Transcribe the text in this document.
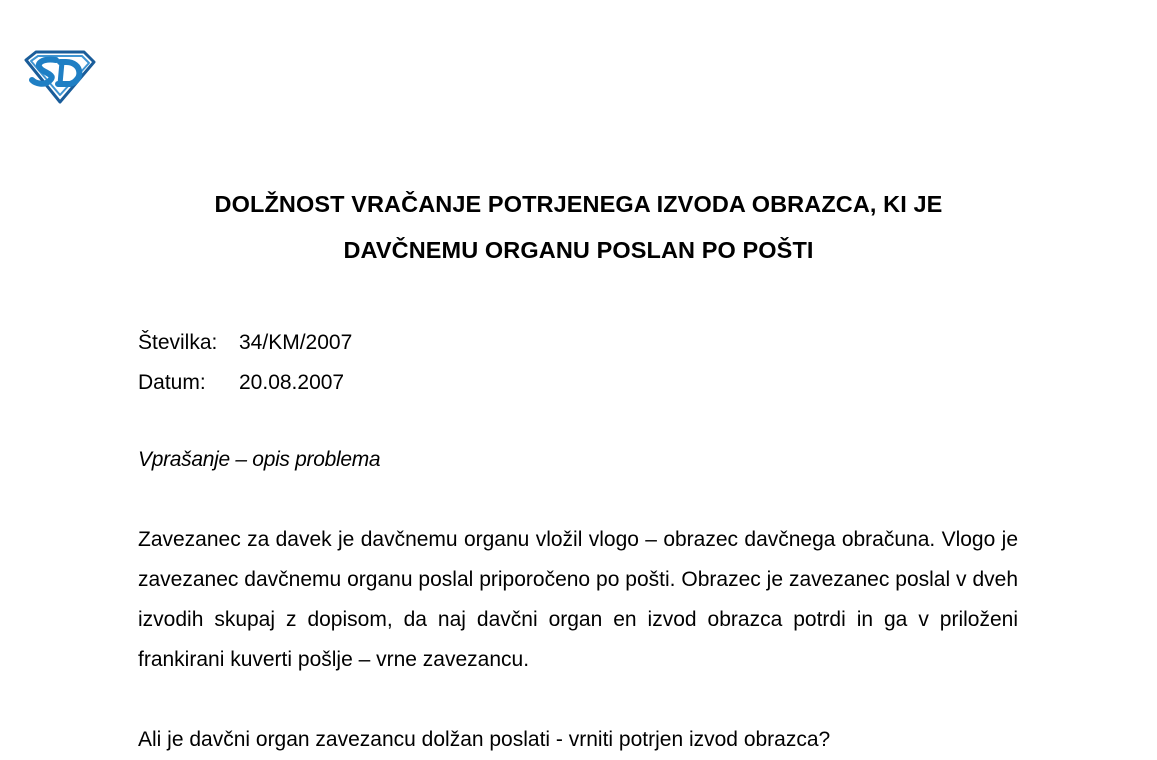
DOLŽNOST VRAČANJE POTRJENEGA IZVODA OBRAZCA, KI JE
DAVČNEMU ORGANU POSLAN PO POŠTI
Številka:	34/KM/2007
Datum:	20.08.2007
Vprašanje – opis problema

Zavezanec za davek je davčnemu organu vložil vlogo – obrazec davčnega obračuna. Vlogo je zavezanec davčnemu organu poslal priporočeno po pošti. Obrazec je zavezanec poslal v dveh izvodih skupaj z dopisom, da naj davčni organ en izvod obrazca potrdi in ga v priloženi frankirani kuverti pošlje – vrne zavezancu.

Ali je davčni organ zavezancu dolžan poslati - vrniti potrjen izvod obrazca?
